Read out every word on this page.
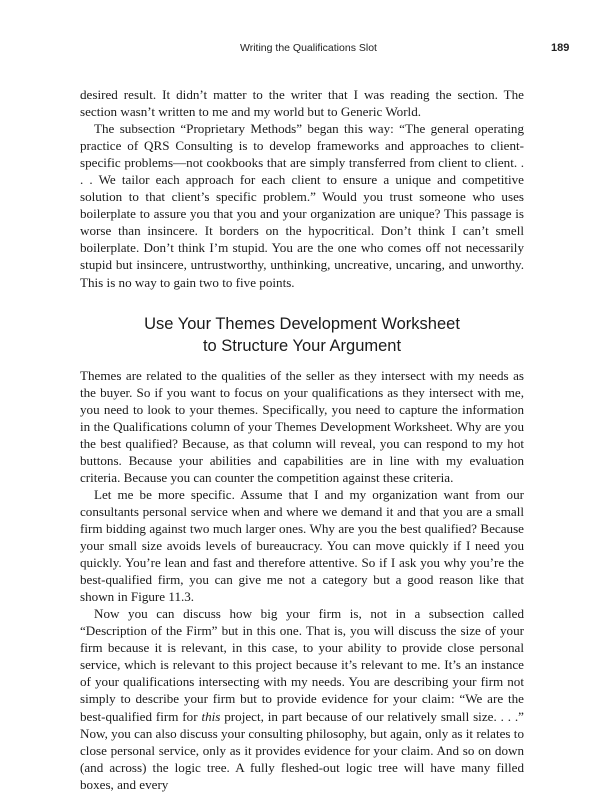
Writing the Qualifications Slot	189

desired result. It didn’t matter to the writer that I was reading the section. The section wasn’t written to me and my world but to Generic World.

The subsection “Proprietary Methods” began this way: “The general operating practice of QRS Consulting is to develop frameworks and approaches to client-specific problems—not cookbooks that are simply transferred from client to client. . . . We tailor each approach for each client to ensure a unique and competitive solution to that client’s specific problem.” Would you trust someone who uses boilerplate to assure you that you and your organization are unique? This passage is worse than insincere. It borders on the hypocritical. Don’t think I can’t smell boilerplate. Don’t think I’m stupid. You are the one who comes off not necessarily stupid but insincere, untrustworthy, unthinking, uncreative, uncaring, and unworthy. This is no way to gain two to five points.

Use Your Themes Development Worksheet
to Structure Your Argument

Themes are related to the qualities of the seller as they intersect with my needs as the buyer. So if you want to focus on your qualifications as they intersect with me, you need to look to your themes. Specifically, you need to capture the information in the Qualifications column of your Themes Development Worksheet. Why are you the best qualified? Because, as that column will reveal, you can respond to my hot buttons. Because your abilities and capabilities are in line with my evaluation criteria. Because you can counter the competition against these criteria.

Let me be more specific. Assume that I and my organization want from our consultants personal service when and where we demand it and that you are a small firm bidding against two much larger ones. Why are you the best qualified? Because your small size avoids levels of bureaucracy. You can move quickly if I need you quickly. You’re lean and fast and therefore attentive. So if I ask you why you’re the best-qualified firm, you can give me not a category but a good reason like that shown in Figure 11.3.

Now you can discuss how big your firm is, not in a subsection called “Description of the Firm” but in this one. That is, you will discuss the size of your firm because it is relevant, in this case, to your ability to provide close personal service, which is relevant to this project because it’s relevant to me. It’s an instance of your qualifications intersecting with my needs. You are describing your firm not simply to describe your firm but to provide evidence for your claim: “We are the best-qualified firm for this project, in part because of our relatively small size. . . .” Now, you can also discuss your consulting philosophy, but again, only as it relates to close personal service, only as it provides evidence for your claim. And so on down (and across) the logic tree. A fully fleshed-out logic tree will have many filled boxes, and every
